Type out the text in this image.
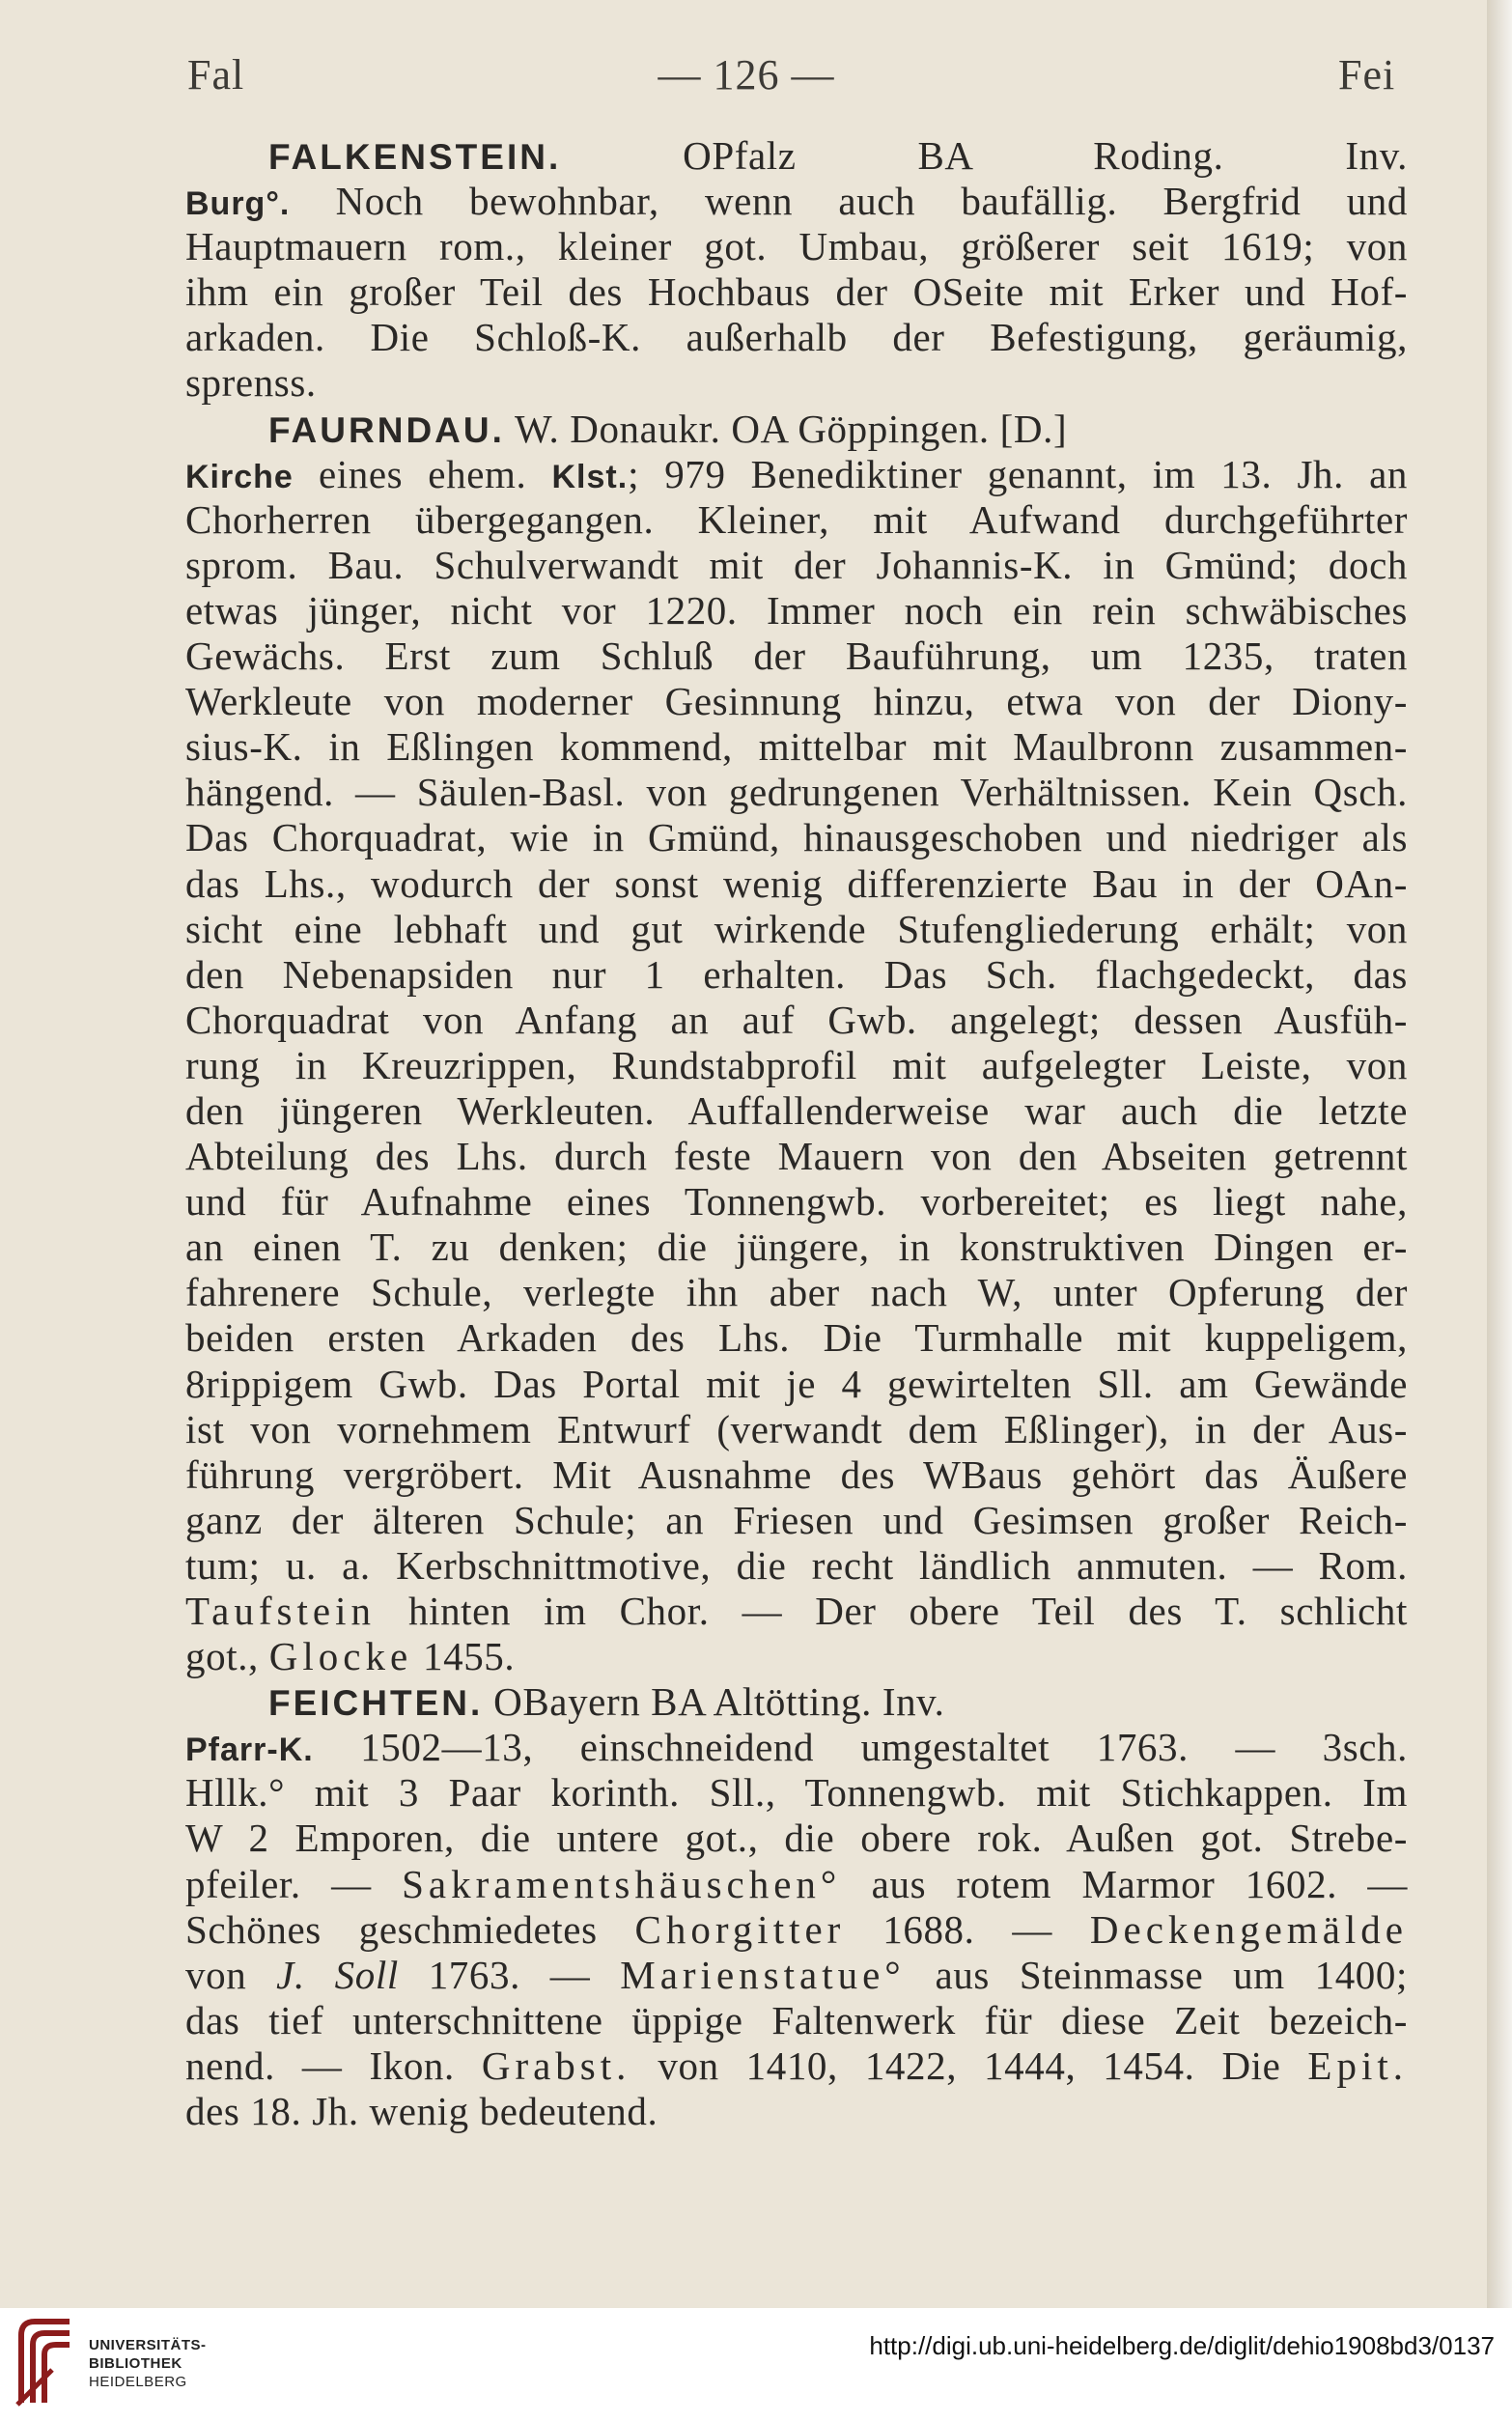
Fal	— 126 —	Fei
FALKENSTEIN. OPfalz BA Roding. Inv.
Burg°. Noch bewohnbar, wenn auch baufällig. Bergfrid und
Hauptmauern rom., kleiner got. Umbau, größerer seit 1619; von
ihm ein großer Teil des Hochbaus der OSeite mit Erker und Hof-
arkaden. Die Schloß-K. außerhalb der Befestigung, geräumig,
sprenss.
FAURNDAU. W. Donaukr. OA Göppingen. [D.]
Kirche eines ehem. Klst.; 979 Benediktiner genannt, im 13. Jh. an
Chorherren übergegangen. Kleiner, mit Aufwand durchgeführter
sprom. Bau. Schulverwandt mit der Johannis-K. in Gmünd; doch
etwas jünger, nicht vor 1220. Immer noch ein rein schwäbisches
Gewächs. Erst zum Schluß der Bauführung, um 1235, traten
Werkleute von moderner Gesinnung hinzu, etwa von der Diony-
sius-K. in Eßlingen kommend, mittelbar mit Maulbronn zusammen-
hängend. — Säulen-Basl. von gedrungenen Verhältnissen. Kein Qsch.
Das Chorquadrat, wie in Gmünd, hinausgeschoben und niedriger als
das Lhs., wodurch der sonst wenig differenzierte Bau in der OAn-
sicht eine lebhaft und gut wirkende Stufengliederung erhält; von
den Nebenapsiden nur 1 erhalten. Das Sch. flachgedeckt, das
Chorquadrat von Anfang an auf Gwb. angelegt; dessen Ausfüh-
rung in Kreuzrippen, Rundstabprofil mit aufgelegter Leiste, von
den jüngeren Werkleuten. Auffallenderweise war auch die letzte
Abteilung des Lhs. durch feste Mauern von den Abseiten getrennt
und für Aufnahme eines Tonnengwb. vorbereitet; es liegt nahe,
an einen T. zu denken; die jüngere, in konstruktiven Dingen er-
fahrenere Schule, verlegte ihn aber nach W, unter Opferung der
beiden ersten Arkaden des Lhs. Die Turmhalle mit kuppeligem,
8rippigem Gwb. Das Portal mit je 4 gewirtelten Sll. am Gewände
ist von vornehmem Entwurf (verwandt dem Eßlinger), in der Aus-
führung vergröbert. Mit Ausnahme des WBaus gehört das Äußere
ganz der älteren Schule; an Friesen und Gesimsen großer Reich-
tum; u. a. Kerbschnittmotive, die recht ländlich anmuten. — Rom.
Taufstein hinten im Chor. — Der obere Teil des T. schlicht
got., Glocke 1455.
FEICHTEN. OBayern BA Altötting. Inv.
Pfarr-K. 1502—13, einschneidend umgestaltet 1763. — 3sch.
Hllk.° mit 3 Paar korinth. Sll., Tonnengwb. mit Stichkappen. Im
W 2 Emporen, die untere got., die obere rok. Außen got. Strebe-
pfeiler. — Sakramentshäuschen° aus rotem Marmor 1602. —
Schönes geschmiedetes Chorgitter 1688. — Deckengemälde
von J. Soll 1763. — Marienstatue° aus Steinmasse um 1400;
das tief unterschnittene üppige Faltenwerk für diese Zeit bezeich-
nend. — Ikon. Grabst. von 1410, 1422, 1444, 1454. Die Epit.
des 18. Jh. wenig bedeutend.
UNIVERSITÄTS-
BIBLIOTHEK
HEIDELBERG
http://digi.ub.uni-heidelberg.de/diglit/dehio1908bd3/0137
